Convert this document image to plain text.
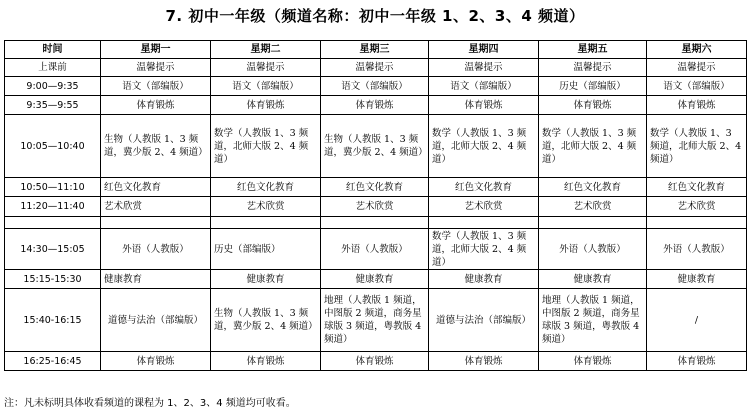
7. 初中一年级（频道名称：初中一年级 1、2、3、4 频道）
时间	星期一	星期二	星期三	星期四	星期五	星期六
上课前	温馨提示	温馨提示	温馨提示	温馨提示	温馨提示	温馨提示
9:00—9:35	语文（部编版）	语文（部编版）	语文（部编版）	语文（部编版）	历史（部编版）	语文（部编版）
9:35—9:55	体育锻炼	体育锻炼	体育锻炼	体育锻炼	体育锻炼	体育锻炼
10:05—10:40	生物（人教版 1、3 频道，冀少版 2、4 频道）	数学（人教版 1、3 频道，北师大版 2、4 频道）	生物（人教版 1、3 频道，冀少版 2、4 频道）	数学（人教版 1、3 频道，北师大版 2、4 频道）	数学（人教版 1、3 频道，北师大版 2、4 频道）	数学（人教版 1、3 频道，北师大版 2、4 频道）
10:50—11:10	红色文化教育	红色文化教育	红色文化教育	红色文化教育	红色文化教育	红色文化教育
11:20—11:40	艺术欣赏	艺术欣赏	艺术欣赏	艺术欣赏	艺术欣赏	艺术欣赏

14:30—15:05	外语（人教版）	历史（部编版）	外语（人教版）	数学（人教版 1、3 频道，北师大版 2、4 频道）	外语（人教版）	外语（人教版）
15:15-15:30	健康教育	健康教育	健康教育	健康教育	健康教育	健康教育
15:40-16:15	道德与法治（部编版）	生物（人教版 1、3 频道，冀少版 2、4 频道）	地理（人教版 1 频道，中图版 2 频道，商务星球版 3 频道，粤教版 4 频道）	道德与法治（部编版）	地理（人教版 1 频道，中图版 2 频道，商务星球版 3 频道，粤教版 4 频道）	/
16:25-16:45	体育锻炼	体育锻炼	体育锻炼	体育锻炼	体育锻炼	体育锻炼
注：凡未标明具体收看频道的课程为 1、2、3、4 频道均可收看。
